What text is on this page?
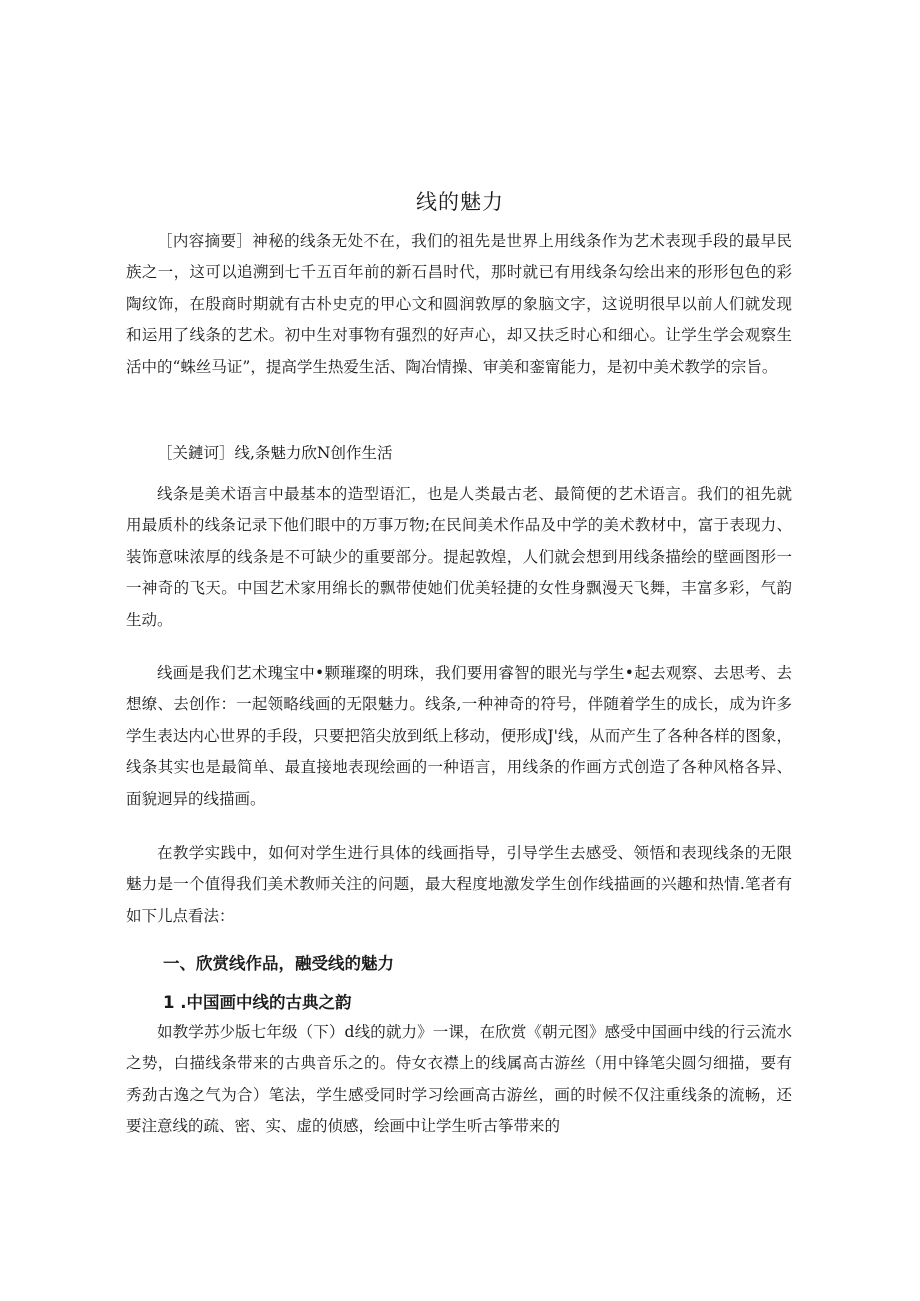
线的魅力

［内容摘要］神秘的线条无处不在，我们的祖先是世界上用线条作为艺术表现手段的最早民族之一，这可以追溯到七千五百年前的新石昌时代，那时就已有用线条勾绘出来的形形包色的彩陶纹饰，在殷商时期就有古朴史克的甲心文和圆润敦厚的象脑文字，这说明很早以前人们就发现和运用了线条的艺术。初中生对事物有强烈的好声心，却又扶乏时心和细心。让学生学会观察生活中的“蛛丝马证”，提高学生热爱生活、陶冶情操、审美和銮甯能力，是初中美术教学的宗旨。

［关鏈诃］线,条魅力欣N创作生活

线条是美术语言中最基本的造型语汇，也是人类最古老、最简便的艺术语言。我们的祖先就用最质朴的线条记录下他们眼中的万事万物;在民间美术作品及中学的美术教材中，富于表现力、装饰意味浓厚的线条是不可缺少的重要部分。提起敦煌，人们就会想到用线条描绘的壁画图形一一神奇的飞天。中国艺术家用绵长的飘带使她们优美轻捷的女性身飘漫天飞舞，丰富多彩，气韵生动。

线画是我们艺术瑰宝中•颗璀璨的明珠，我们要用睿智的眼光与学生•起去观察、去思考、去想缭、去创作：一起领略线画的无限魅力。线条,一种神奇的符号，伴随着学生的成长，成为许多学生表达内心世界的手段，只要把箔尖放到纸上移动，便形成J'线，从而产生了各种各样的图象，线条其实也是最简单、最直接地表现绘画的一种语言，用线条的作画方式创造了各种风格各异、面貌迥异的线描画。

在教学实践中，如何对学生进行具体的线画指导，引导学生去感受、领悟和表现线条的无限魅力是一个值得我们美术教师关注的问题，最大程度地激发学生创作线描画的兴趣和热情.笔者有如下儿点看法：

一、欣赏线作品，融受线的魅力

1 .中国画中线的古典之韵

如教学苏少版七年级（下）d线的就力》一课，在欣赏《朝元图》感受中国画中线的行云流水之势，白描线条带来的古典音乐之的。侍女衣襟上的线属高古游丝（用中锋笔尖圆匀细描，要有秀劲古逸之气为合）笔法，学生感受同时学习绘画高古游丝，画的时候不仅注重线条的流畅，还要注意线的疏、密、实、虚的侦感，绘画中让学生听古筝带来的
